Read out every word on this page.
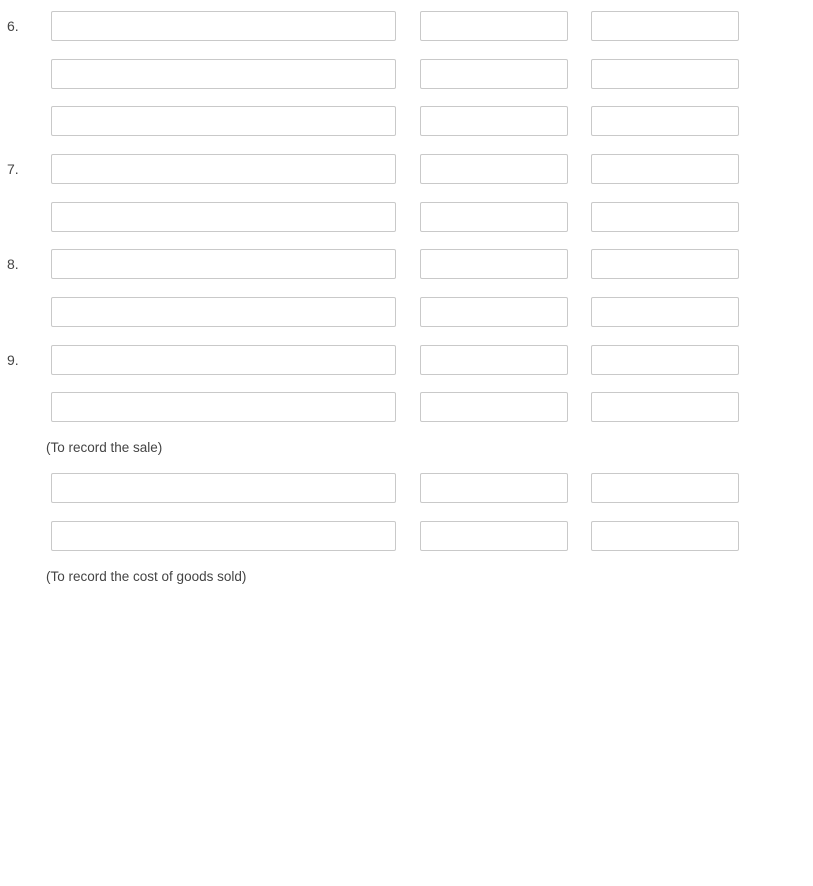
6.
7.
8.
9.
(To record the sale)
(To record the cost of goods sold)
